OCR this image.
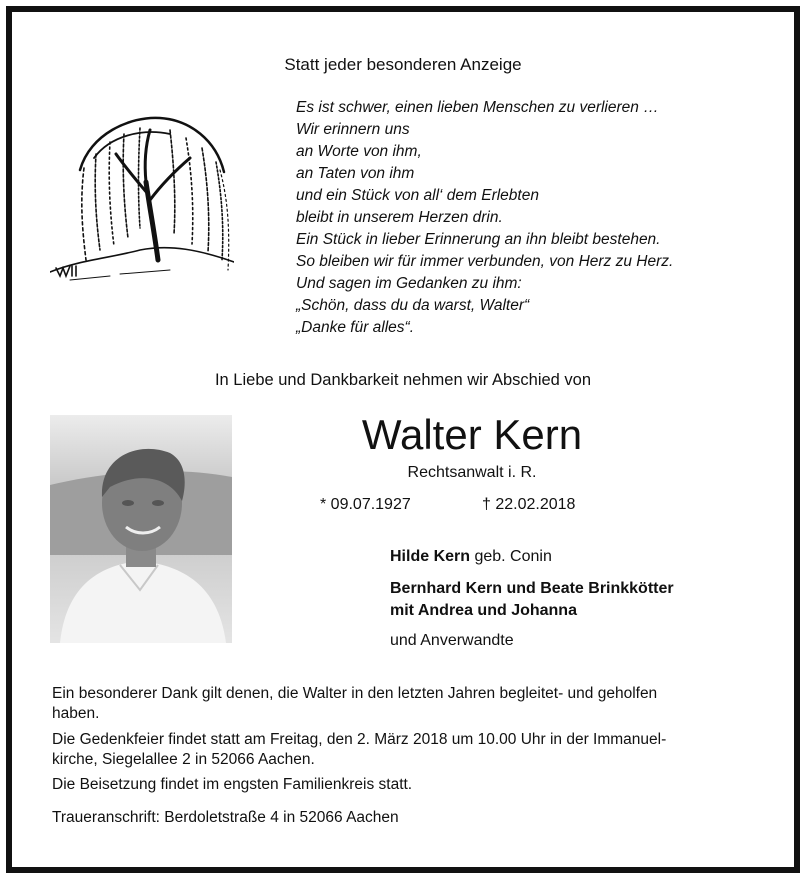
Statt jeder besonderen Anzeige
Es ist schwer, einen lieben Menschen zu verlieren …
Wir erinnern uns
an Worte von ihm,
an Taten von ihm
und ein Stück von all‘ dem Erlebten
bleibt in unserem Herzen drin.
Ein Stück in lieber Erinnerung an ihn bleibt bestehen.
So bleiben wir für immer verbunden, von Herz zu Herz.
Und sagen im Gedanken zu ihm:
„Schön, dass du da warst, Walter“
„Danke für alles“.
In Liebe und Dankbarkeit nehmen wir Abschied von
Walter Kern
Rechtsanwalt i. R.
* 09.07.1927	† 22.02.2018
Hilde Kern geb. Conin
Bernhard Kern und Beate Brinkkötter
mit Andrea und Johanna
und Anverwandte
Ein besonderer Dank gilt denen, die Walter in den letzten Jahren begleitet- und geholfen
haben.
Die Gedenkfeier findet statt am Freitag, den 2. März 2018 um 10.00 Uhr in der Immanuel-
kirche, Siegelallee 2 in 52066 Aachen.
Die Beisetzung findet im engsten Familienkreis statt.
Traueranschrift: Berdoletstraße 4 in 52066 Aachen
